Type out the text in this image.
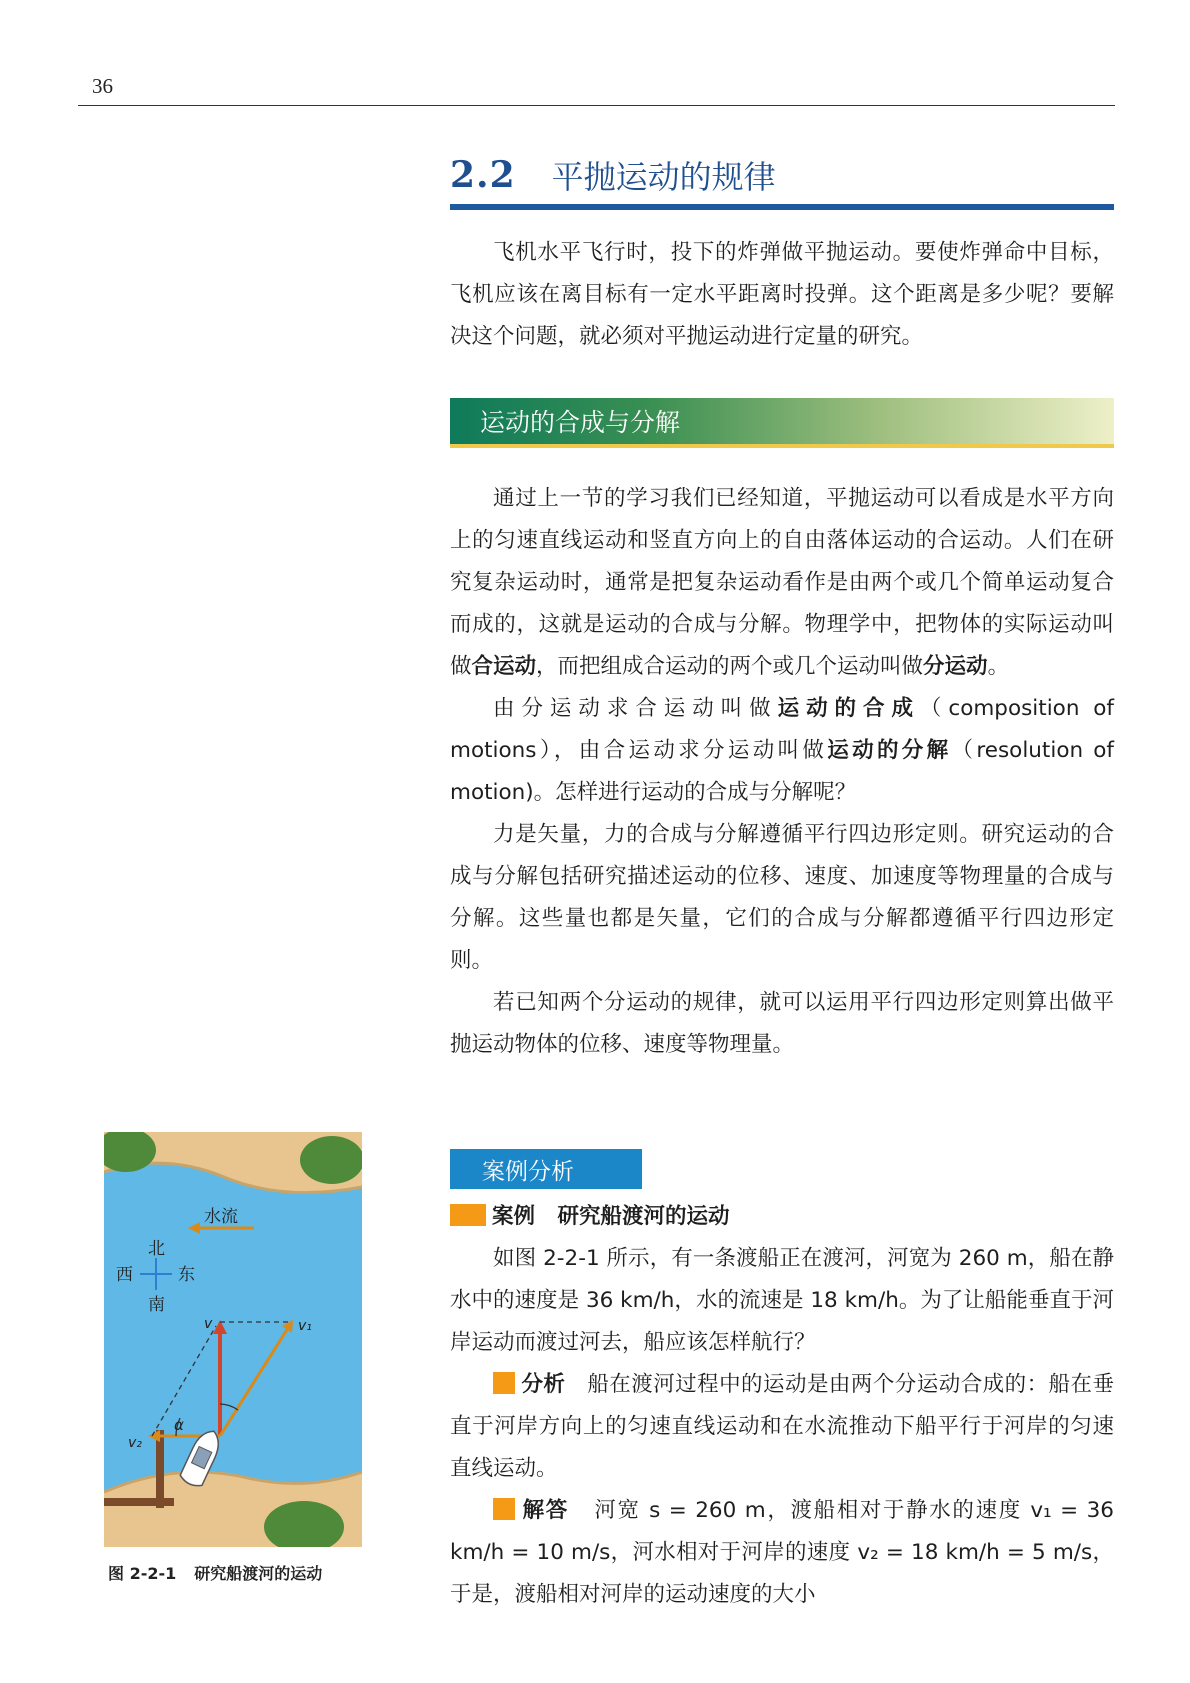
36
2.2 平抛运动的规律

飞机水平飞行时，投下的炸弹做平抛运动。要使炸弹命中目标，飞机应该在离目标有一定水平距离时投弹。这个距离是多少呢？要解决这个问题，就必须对平抛运动进行定量的研究。

运动的合成与分解

通过上一节的学习我们已经知道，平抛运动可以看成是水平方向上的匀速直线运动和竖直方向上的自由落体运动的合运动。人们在研究复杂运动时，通常是把复杂运动看作是由两个或几个简单运动复合而成的，这就是运动的合成与分解。物理学中，把物体的实际运动叫做合运动，而把组成合运动的两个或几个运动叫做分运动。

由分运动求合运动叫做运动的合成（composition of motions），由合运动求分运动叫做运动的分解（resolution of motion)。怎样进行运动的合成与分解呢？

力是矢量，力的合成与分解遵循平行四边形定则。研究运动的合成与分解包括研究描述运动的位移、速度、加速度等物理量的合成与分解。这些量也都是矢量，它们的合成与分解都遵循平行四边形定则。

若已知两个分运动的规律，就可以运用平行四边形定则算出做平抛运动物体的位移、速度等物理量。

案例分析

案例 研究船渡河的运动

如图 2-2-1 所示，有一条渡船正在渡河，河宽为 260 m，船在静水中的速度是 36 km/h，水的流速是 18 km/h。为了让船能垂直于河岸运动而渡过河去，船应该怎样航行？

分析 船在渡河过程中的运动是由两个分运动合成的：船在垂直于河岸方向上的匀速直线运动和在水流推动下船平行于河岸的匀速直线运动。

解答 河宽 s = 260 m，渡船相对于静水的速度 v₁ = 36 km/h = 10 m/s，河水相对于河岸的速度 v₂ = 18 km/h = 5 m/s，于是，渡船相对河岸的运动速度的大小

水流
北
南
西	东
v	v₁
v₂
α
图 2-2-1 研究船渡河的运动
